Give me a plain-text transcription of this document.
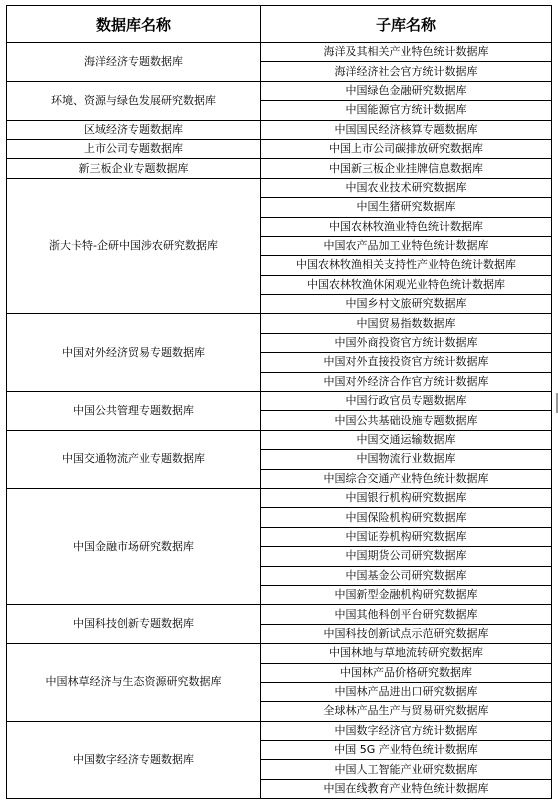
数据库名称	子库名称
海洋经济专题数据库	海洋及其相关产业特色统计数据库
	海洋经济社会官方统计数据库
环境、资源与绿色发展研究数据库	中国绿色金融研究数据库
	中国能源官方统计数据库
区域经济专题数据库	中国国民经济核算专题数据库
上市公司专题数据库	中国上市公司碳排放研究数据库
新三板企业专题数据库	中国新三板企业挂牌信息数据库
浙大卡特-企研中国涉农研究数据库	中国农业技术研究数据库
	中国生猪研究数据库
	中国农林牧渔业特色统计数据库
	中国农产品加工业特色统计数据库
	中国农林牧渔相关支持性产业特色统计数据库
	中国农林牧渔休闲观光业特色统计数据库
	中国乡村文旅研究数据库
中国对外经济贸易专题数据库	中国贸易指数数据库
	中国外商投资官方统计数据库
	中国对外直接投资官方统计数据库
	中国对外经济合作官方统计数据库
中国公共管理专题数据库	中国行政官员专题数据库
	中国公共基础设施专题数据库
中国交通物流产业专题数据库	中国交通运输数据库
	中国物流行业数据库
	中国综合交通产业特色统计数据库
中国金融市场研究数据库	中国银行机构研究数据库
	中国保险机构研究数据库
	中国证券机构研究数据库
	中国期货公司研究数据库
	中国基金公司研究数据库
	中国新型金融机构研究数据库
中国科技创新专题数据库	中国其他科创平台研究数据库
	中国科技创新试点示范研究数据库
中国林草经济与生态资源研究数据库	中国林地与草地流转研究数据库
	中国林产品价格研究数据库
	中国林产品进出口研究数据库
	全球林产品生产与贸易研究数据库
中国数字经济专题数据库	中国数字经济官方统计数据库
	中国 5G 产业特色统计数据库
	中国人工智能产业研究数据库
	中国在线教育产业特色统计数据库
